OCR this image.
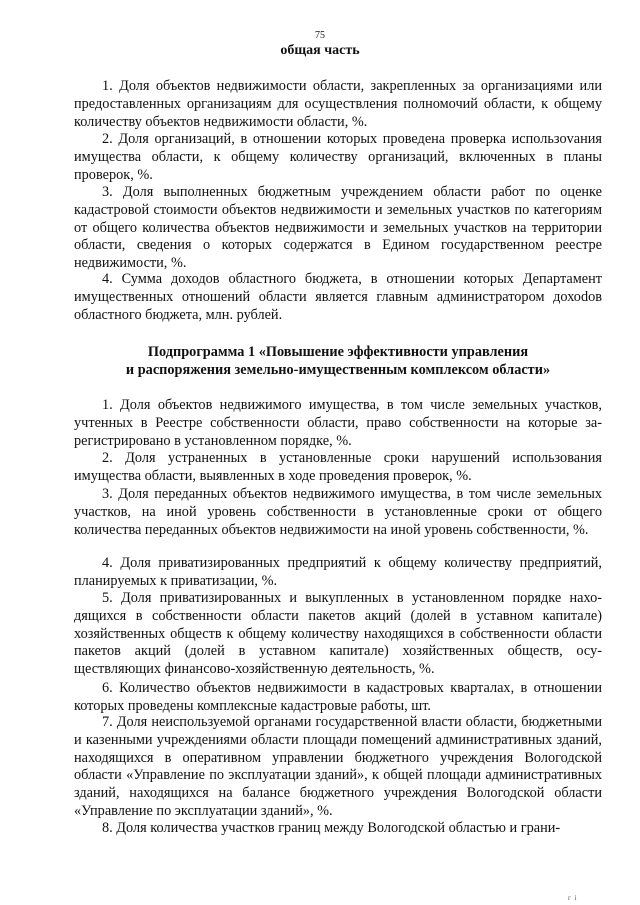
75
общая часть

1. Доля объектов недвижимости области, закрепленных за организациями или предоставленных организациям для осуществления полномочий области, к общему количеству объектов недвижимости области, %.

2. Доля организаций, в отношении которых проведена проверка использоvания имущества области, к общему количеству организаций, включенных в планы проверок, %.

3. Доля выполненных бюджетным учреждением области работ по оценке кадастровой стоимости объектов недвижимости и земельных участков по категориям от общего количества объектов недвижимости и земельных участков на территории области, сведения о которых содержатся в Едином государственном реестре недвижимости, %.

4. Сумма доходов областного бюджета, в отношении которых Департамент имущественных отношений области является главным администратором дохоdов областного бюджета, млн. рублей.

Подпрограмма 1 «Повышение эффективности управления
и распоряжения земельно-имущественным комплексом области»

1. Доля объектов недвижимого имущества, в том числе земельных участков, учтенных в Реестре собственности области, право собственности на которые зарегистрировано в установленном порядке, %.

2. Доля устраненных в установленные сроки нарушений использования имущества области, выявленных в ходе проведения проверок, %.

3. Доля переданных объектов недвижимого имущества, в том числе земельных участков, на иной уровень собственности в установленные сроки от общего количества переданных объектов недвижимости на иной уровень собственности, %.

4. Доля приватизированных предприятий к общему количеству предприятий, планируемых к приватизации, %.

5. Доля приватизированных и выкупленных в установленном порядке находящихся в собственности области пакетов акций (долей в уставном капитале) хозяйственных обществ к общему количеству находящихся в собственности области пакетов акций (долей в уставном капитале) хозяйственных обществ, осуществляющих финансово-хозяйственную деятельность, %.

6. Количество объектов недвижимости в кадастровых кварталах, в отношении которых проведены комплексные кадастровые работы, шт.

7. Доля неиспользуемой органами государственной власти области, бюджетными и казенными учреждениями области площади помещений административных зданий, находящихся в оперативном управлении бюджетного учреждения Вологодской области «Управление по эксплуатации зданий», к общей площади административных зданий, находящихся на балансе бюджетного учреждения Вологодской области «Управление по эксплуатации зданий», %.

8. Доля количества участков границ между Вологодской областью и грани-

г і
